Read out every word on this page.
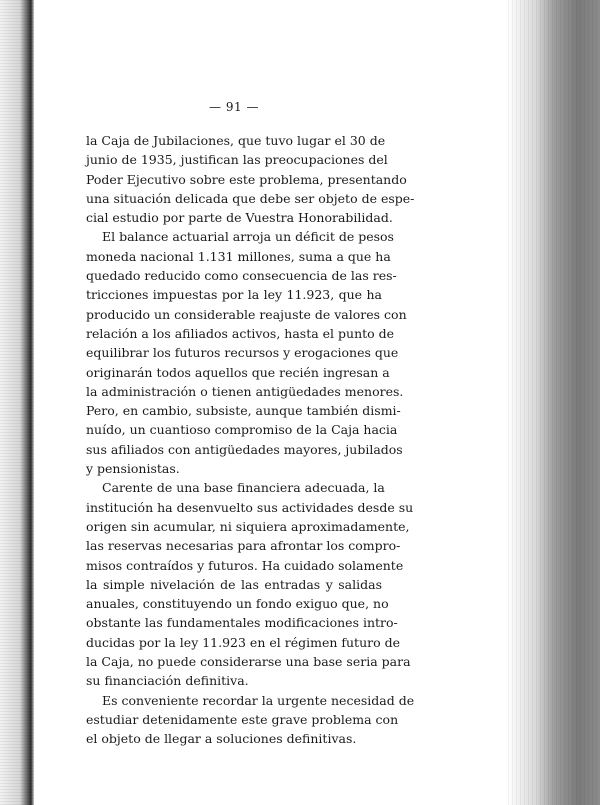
— 91 —
la Caja de Jubilaciones, que tuvo lugar el 30 de
junio de 1935, justifican las preocupaciones del
Poder Ejecutivo sobre este problema, presentando
una situación delicada que debe ser objeto de espe-
cial estudio por parte de Vuestra Honorabilidad.
El balance actuarial arroja un déficit de pesos
moneda nacional 1.131 millones, suma a que ha
quedado reducido como consecuencia de las res-
tricciones impuestas por la ley 11.923, que ha
producido un considerable reajuste de valores con
relación a los afiliados activos, hasta el punto de
equilibrar los futuros recursos y erogaciones que
originarán todos aquellos que recién ingresan a
la administración o tienen antigüedades menores.
Pero, en cambio, subsiste, aunque también dismi-
nuído, un cuantioso compromiso de la Caja hacia
sus afiliados con antigüedades mayores, jubilados
y pensionistas.
Carente de una base financiera adecuada, la
institución ha desenvuelto sus actividades desde su
origen sin acumular, ni siquiera aproximadamente,
las reservas necesarias para afrontar los compro-
misos contraídos y futuros. Ha cuidado solamente
la simple nivelación de las entradas y salidas
anuales, constituyendo un fondo exiguo que, no
obstante las fundamentales modificaciones intro-
ducidas por la ley 11.923 en el régimen futuro de
la Caja, no puede considerarse una base seria para
su financiación definitiva.
Es conveniente recordar la urgente necesidad de
estudiar detenidamente este grave problema con
el objeto de llegar a soluciones definitivas.
